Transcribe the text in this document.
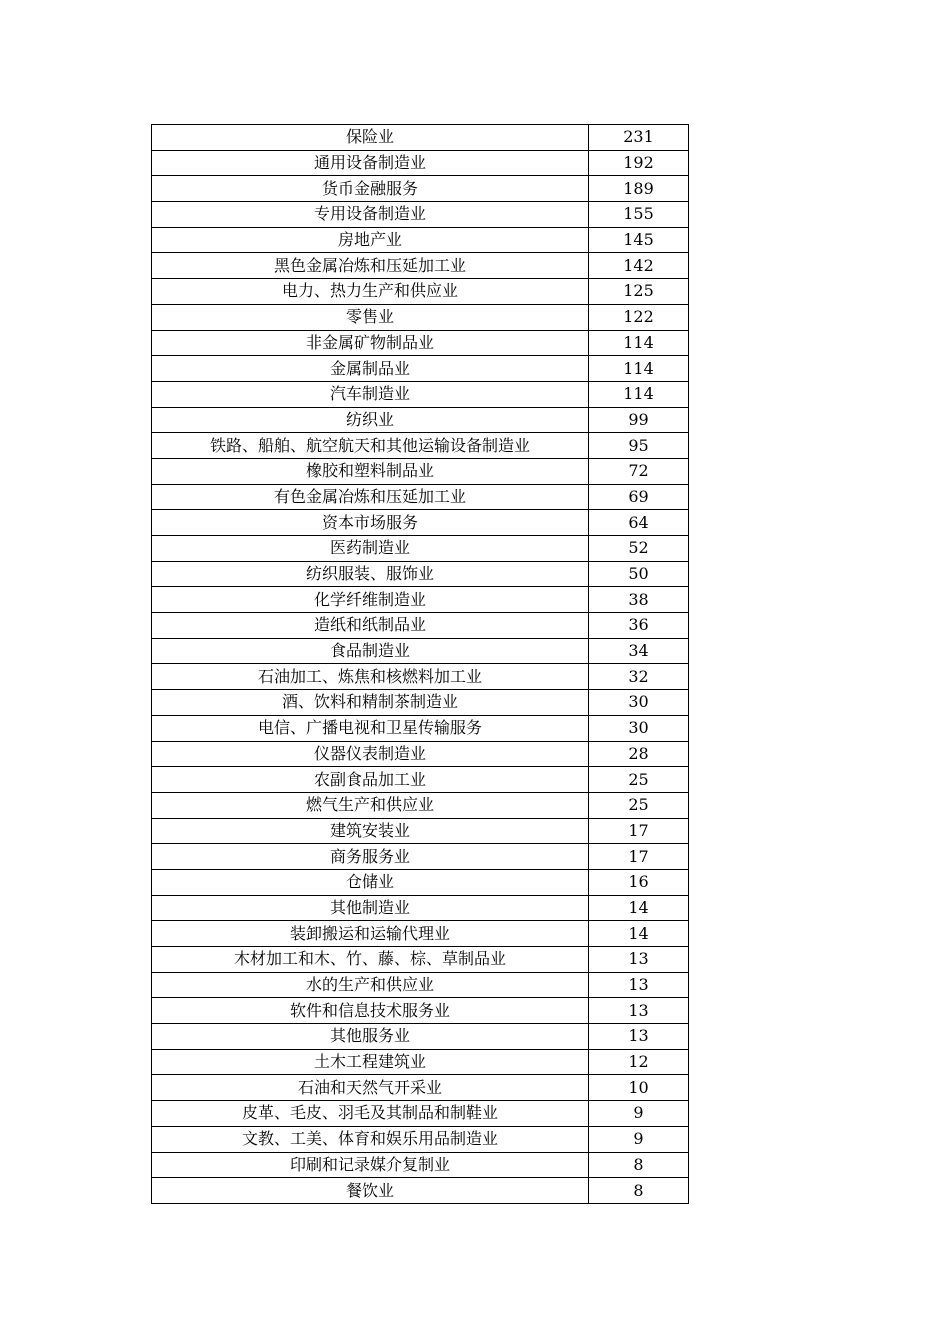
保险业	231
通用设备制造业	192
货币金融服务	189
专用设备制造业	155
房地产业	145
黑色金属冶炼和压延加工业	142
电力、热力生产和供应业	125
零售业	122
非金属矿物制品业	114
金属制品业	114
汽车制造业	114
纺织业	99
铁路、船舶、航空航天和其他运输设备制造业	95
橡胶和塑料制品业	72
有色金属冶炼和压延加工业	69
资本市场服务	64
医药制造业	52
纺织服装、服饰业	50
化学纤维制造业	38
造纸和纸制品业	36
食品制造业	34
石油加工、炼焦和核燃料加工业	32
酒、饮料和精制茶制造业	30
电信、广播电视和卫星传输服务	30
仪器仪表制造业	28
农副食品加工业	25
燃气生产和供应业	25
建筑安装业	17
商务服务业	17
仓储业	16
其他制造业	14
装卸搬运和运输代理业	14
木材加工和木、竹、藤、棕、草制品业	13
水的生产和供应业	13
软件和信息技术服务业	13
其他服务业	13
土木工程建筑业	12
石油和天然气开采业	10
皮革、毛皮、羽毛及其制品和制鞋业	9
文教、工美、体育和娱乐用品制造业	9
印刷和记录媒介复制业	8
餐饮业	8
